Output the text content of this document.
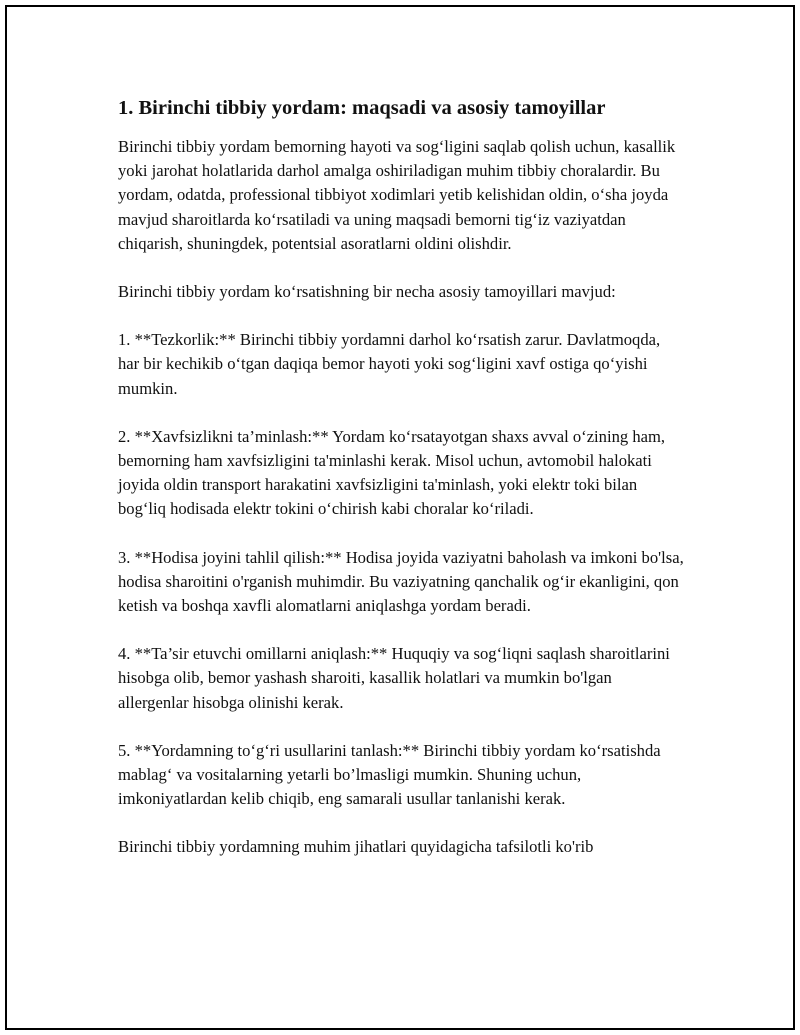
1. Birinchi tibbiy yordam: maqsadi va asosiy tamoyillar

Birinchi tibbiy yordam bemorning hayoti va sog‘ligini saqlab qolish uchun, kasallik yoki jarohat holatlarida darhol amalga oshiriladigan muhim tibbiy choralardir. Bu yordam, odatda, professional tibbiyot xodimlari yetib kelishidan oldin, o‘sha joyda mavjud sharoitlarda ko‘rsatiladi va uning maqsadi bemorni tig‘iz vaziyatdan chiqarish, shuningdek, potentsial asoratlarni oldini olishdir.

Birinchi tibbiy yordam ko‘rsatishning bir necha asosiy tamoyillari mavjud:

1. **Tezkorlik:** Birinchi tibbiy yordamni darhol ko‘rsatish zarur. Davlatmoqda, har bir kechikib o‘tgan daqiqa bemor hayoti yoki sog‘ligini xavf ostiga qo‘yishi mumkin.

2. **Xavfsizlikni ta’minlash:** Yordam ko‘rsatayotgan shaxs avval o‘zining ham, bemorning ham xavfsizligini ta'minlashi kerak. Misol uchun, avtomobil halokati joyida oldin transport harakatini xavfsizligini ta'minlash, yoki elektr toki bilan bog‘liq hodisada elektr tokini o‘chirish kabi choralar ko‘riladi.

3. **Hodisa joyini tahlil qilish:** Hodisa joyida vaziyatni baholash va imkoni bo'lsa, hodisa sharoitini o'rganish muhimdir. Bu vaziyatning qanchalik og‘ir ekanligini, qon ketish va boshqa xavfli alomatlarni aniqlashga yordam beradi.

4. **Ta’sir etuvchi omillarni aniqlash:** Huquqiy va sog‘liqni saqlash sharoitlarini hisobga olib, bemor yashash sharoiti, kasallik holatlari va mumkin bo'lgan allergenlar hisobga olinishi kerak.

5. **Yordamning to‘g‘ri usullarini tanlash:** Birinchi tibbiy yordam ko‘rsatishda mablag‘ va vositalarning yetarli bo’lmasligi mumkin. Shuning uchun, imkoniyatlardan kelib chiqib, eng samarali usullar tanlanishi kerak.

Birinchi tibbiy yordamning muhim jihatlari quyidagicha tafsilotli ko'rib
